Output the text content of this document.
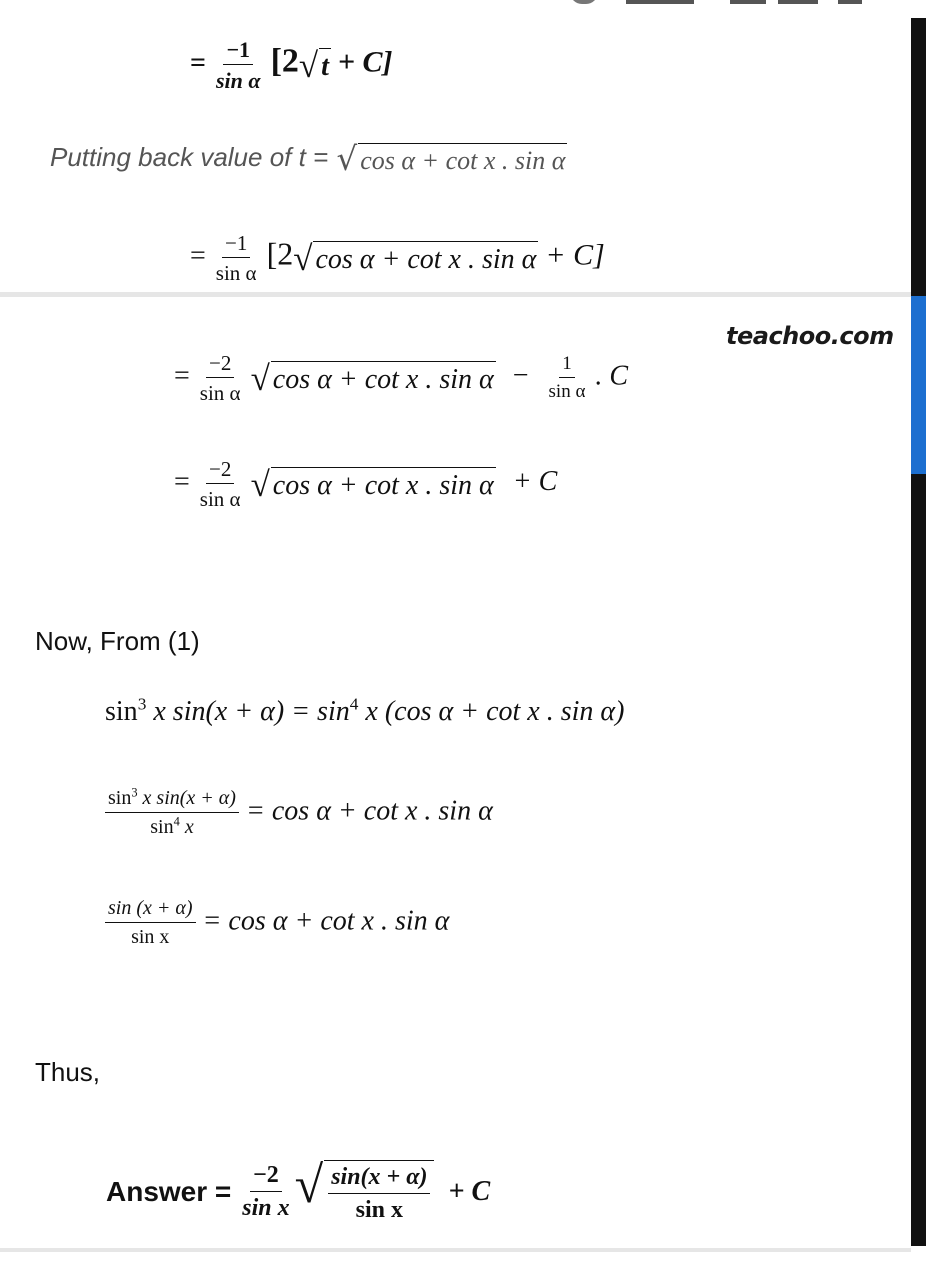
teachoo.com
= $\frac{-1}{\text{sin α}} [2$ √ t + C]
Putting back value of t = √ cos α + cot x . sin α
= $\frac{-1}{\text{sin α}} [2$ √ cos α + cot x . sin α + C]
= $\frac{-2}{\text{sin α}}$
√ cos α + cot x . $\sin \alpha - \frac{1}{\text{sin α}}$ . C
= $\frac{-2}{\text{sin α}}$
√ cos α + cot x . sin α + C
Now, From (1)
$\sin^3 x$ $\sin(x + \alpha) = \sin^4 x$ (cos α + cot x . sin α)
$\frac{\sin^3 x \sin(x + \alpha)}{\sin^4 x} = \cos \alpha + \cot x$ . sin α
$\frac{\sin (x + \alpha)}{\text{sin x}} = \cos \alpha + \cot x$ . sin α
Thus,
Answer = $\frac{-2}{\text{sin x}}$ √ $\frac{\sin(x + \alpha)}{\text{sin x}} + C$
